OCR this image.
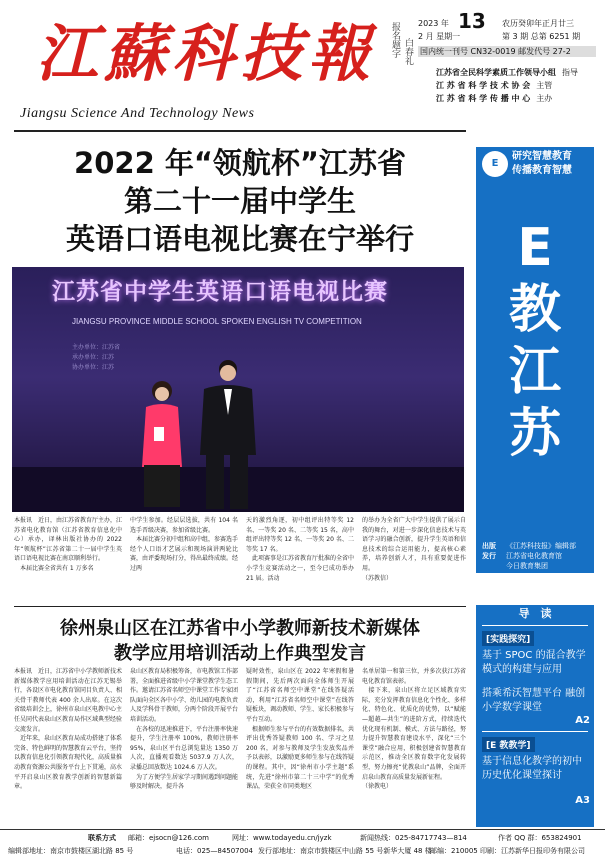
江蘇科技報
Jiangsu Science And Technology News
报名题字 白春礼
2023 年
2 月 星期一
13 农历癸卯年正月廿三
第 3 期 总第 6251 期
国内统一刊号 CN32-0019 邮发代号 27-2
江苏省全民科学素质工作领导小组 指导
江 苏 省 科 学 技 术 协 会 主管
江 苏 省 科 学 传 播 中 心 主办
2022 年“领航杯”江苏省
第二十一届中学生
英语口语电视比赛在宁举行
江苏省中学生英语口语电视比赛
JIANGSU PROVINCE MIDDLE SCHOOL SPOKEN ENGLISH TV COMPETITION
主办单位：江苏省
承办单位：江苏
协办单位：江苏
本报讯　近日，由江苏省教育厅主办，江苏省电化教育馆（江苏省教育信息化中心）承办，译林出版社协办的 2022 年“领航杯”江苏省第二十一届中学生英语口语电视比赛在南京顺利举行。
　本届比赛全省共有 1 万多名
中学生参加。经层层选拔，共有 104 名选手晋级决赛，参加省级比赛。
　本届比赛分初中组和高中组，参赛选手经个人口语才艺展示和现场演讲两轮比赛，由评委现场打分，得出最终成绩。经过两
天的激烈角逐，初中组评出特等奖 12 名、一等奖 20 名、二等奖 15 名，高中组评出特等奖 12 名、一等奖 20 名、二等奖 17 名。
　此项赛事是江苏省教育厅批准的全省中小学生竞赛活动之一，至今已成功举办 21 届。活动
的举办为全省广大中学生提供了展示自我的舞台，对进一步深化信息技术与英语学习的融合创新，提升学生英语和信息技术的综合运用能力，提高核心素养，培养创新人才，具有重要促进作用。
（苏教信）
E
研究智慧教育
传播教育智慧
E
教
江
苏
出版发行
《江苏科技报》编辑部
江苏省电化教育馆
今日教育集团
导　读
[实践探究]
基于 SPOC 的混合教学模式的构建与应用
搭乘希沃智慧平台 融创小学数学课堂
A2
[E 教教学]
基于信息化教学的初中历史优化课堂探讨
A3
徐州泉山区在江苏省中小学教师新技术新媒体
教学应用培训活动上作典型发言
本报讯　近日，江苏省中小学教师新技术新媒体教学应用培训活动在江苏无锡举行，各设区市电化教育馆同目负责人、相关骨干教师代表 400 余人出席。在这次省级培训会上，徐州市泉山区电教中心主任吴同代表泉山区教育局作区域典型经验交流发言。
　近年来，泉山区教育局成功搭建了体系完备、特色鲜明的智慧教育云平台，坚持以教育信息化引领教育现代化，高质量推动教育资源公共服务平台上下贯通，高水平开启泉山区教育教学创新的智慧新篇章。
泉山区教育局积极筹备，市电教馆工作部署，全面推进省级中小学课堂教学生态工作。邀请江苏省名师空中课堂工作专家团队面向全区各中小学、幼儿园的电教负责人及学科骨干教师，分两个阶段开展平台培训活动。
　在各校的迅速推进下，平台注册率快速提升，学生注册率 100%，教师注册率 95%，泉山区平台总浏览量达 1350 万人次，直播观看数达 5037.9 万人次，录播总回放数达 1024.6 万人次。
　为了方便学生居家学习期间遇到问题能够及时解决，提升各
疑时效性，泉山区在 2022 年寒假和暑假期间，先后两次面向全体师生开展了“江苏省名师空中课堂”在线答疑活动，利用“江苏省名师空中课堂”在线答疑板块，调动教师、学生、家长积极参与平台互动。
　根据师生参与平台的有效数据排名，共评出优秀答疑教师 100 名、学习之星 200 名，对参与教师及学生发放奖品并予以表彰，以激励更多师生参与在线答疑的课程。其中，因“徐州市小学主题”系统，先进“徐州市第二十三中学”的优秀课品，荣获全市同类地区
名单居第一和第三位，并多次获江苏省电化教育馆表彰。
　接下来，泉山区将立足区域教育实际，充分发挥教育信息化个性化、多样化、特色化、优质化的优势，以“赋能—超越—共生”的进阶方式，持续迭代优化现有机制、模式、方法与路径，努力提升智慧教育建设水平，深化“三个课堂”融合应用，积极创建省智慧教育示范区，推动全区教育数字化发展转型，努力擦亮“优教泉山”品牌，全面开启泉山教育高质量发展新征程。
（徐教电）
联系方式 邮箱：ejsocn@126.com	网址：www.todayedu.cn/jyzk	新闻热线：025-84717743—814	作者 QQ 群：653824901
编辑部地址：南京市鼓楼区湖北路 85 号	电话：025—84507004 发行部地址：南京市鼓楼区中山路 55 号新华大厦 48 楼
邮编：210005 印刷：江苏新华日报印务有限公司
